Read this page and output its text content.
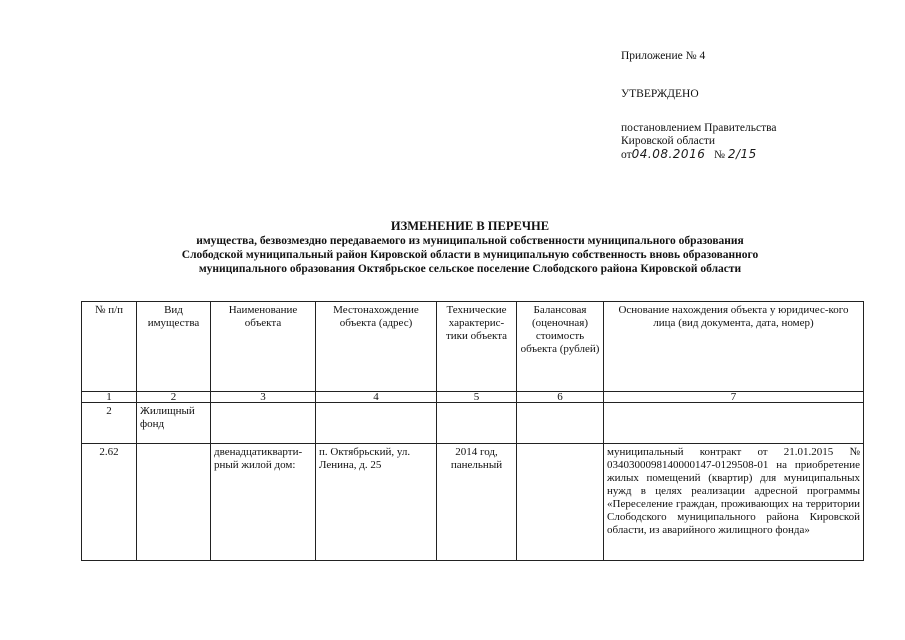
Приложение № 4
УТВЕРЖДЕНО
постановлением Правительства
Кировской области
от04.08.2016 № 2/15
ИЗМЕНЕНИЕ В ПЕРЕЧНЕ
имущества, безвозмездно передаваемого из муниципальной собственности муниципального образования
Слободской муниципальный район Кировской области в муниципальную собственность вновь образованного
муниципального образования Октябрьское сельское поселение Слободского района Кировской области
№ п/п	Вид имущества	Наименование объекта	Местонахождение объекта (адрес)	Технические характерис-тики объекта	Балансовая (оценочная) стоимость объекта (рублей)	Основание нахождения объекта у юридичес-кого лица (вид документа, дата, номер)
1	2	3	4	5	6	7
2	Жилищный фонд					
2.62		двенадцатикварти-рный жилой дом:	п. Октябрьский, ул. Ленина, д. 25	2014 год, панельный		муниципальный контракт от 21.01.2015 № 0340300098140000147-0129508-01 на приобретение жилых помещений (квартир) для муниципальных нужд в целях реализации адресной программы «Переселение граждан, проживающих на территории Слободского муниципального района Кировской области, из аварийного жилищного фонда»
